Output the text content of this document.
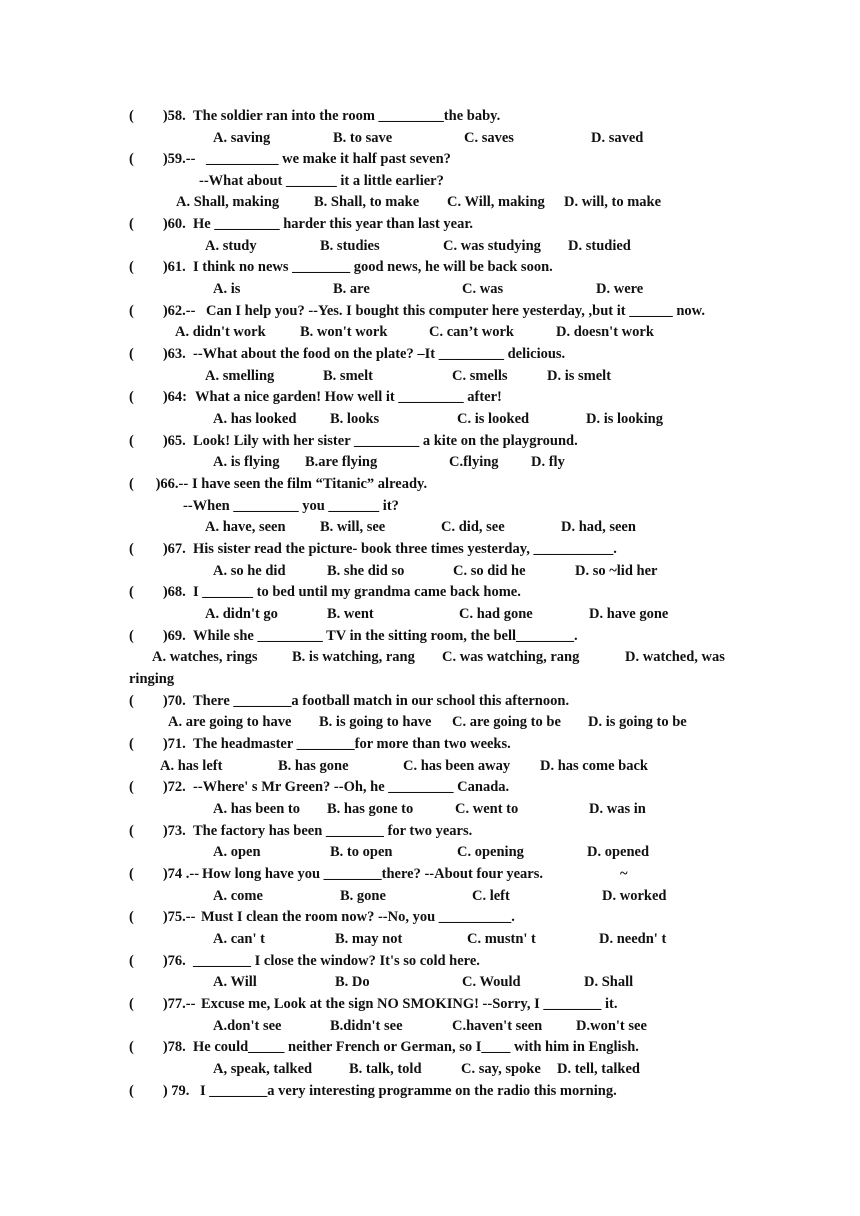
(        )58.

The soldier ran into the room _________the baby.

A. saving

	B. to save

	C. saves

	D. saved

(        )59.--

__________ we make it half past seven?

--What about _______ it a little earlier?

A. Shall, making

B. Shall, to make

C. Will, making

D. will, to make

(        )60.

He _________ harder this year than last year.

A. study

	B. studies

	C. was studying

D. studied

(        )61.

I think no news ________ good news, he will be back soon.

A. is

	B. are

	C. was

	D. were

(        )62.--

Can I help you? --Yes. I bought this computer here yesterday, ,but it ______ now.

A. didn't work

B. won't work

	C. can’t work

	D. doesn't work

(        )63.

--What about the food on the plate? –It _________ delicious.

A. smelling

	B. smelt

	C. smells

	D. is smelt

(        )64:

What a nice garden! How well it _________ after!

A. has looked

B. looks

	C. is looked

	D. is looking

(        )65.

Look! Lily with her sister _________ a kite on the playground.

A. is flying

B.are flying

	C.flying

D. fly

(      )66.--

I have seen the film “Titanic” already.

--When _________ you _______ it?

A. have, seen

B. will, see

	C. did, see

	D. had, seen

(        )67.

His sister read the picture- book three times yesterday, ___________.

A. so he did

	B. she did so

	C. so did he

	D. so ~lid her

(        )68.

I _______ to bed until my grandma came back home.

A. didn't go

	B. went

	C. had gone

	D. have gone

(        )69.

While she _________ TV in the sitting room, the bell________.

A. watches, rings

B. is watching, rang

C. was watching, rang

	D. watched, was

ringing

(        )70.

There ________a football match in our school this afternoon.

A. are going to have

B. is going to have

C. are going to be

D. is going to be

(        )71.

The headmaster ________for more than two weeks.

A. has left

	B. has gone

	C. has been away

D. has come back

(        )72.

--Where' s Mr Green? --Oh, he _________ Canada.

A. has been to

B. has gone to

	C. went to

	D. was in

(        )73.

The factory has been ________ for two years.

A. open

	B. to open

	C. opening

	D. opened

(        )74 .--

How long have you ________there? --About four years.

	~

A. come

	B. gone

	C. left

	D. worked

(        )75.--

Must I clean the room now? --No, you __________.

A. can' t

	B. may not

	C. mustn' t

	D. needn' t

(        )76.

________ I close the window? It's so cold here.

A. Will

	B. Do

	C. Would

	D. Shall

(        )77.--

Excuse me, Look at the sign NO SMOKING! --Sorry, I ________ it.

A.don't see

	B.didn't see

	C.haven't seen

D.won't see

(        )78.

He could_____ neither French or German, so I____ with him in English.

A, speak, talked

	B. talk, told

	C. say, spoke

D. tell, talked

(        ) 79.

I ________a very interesting programme on the radio this morning.
